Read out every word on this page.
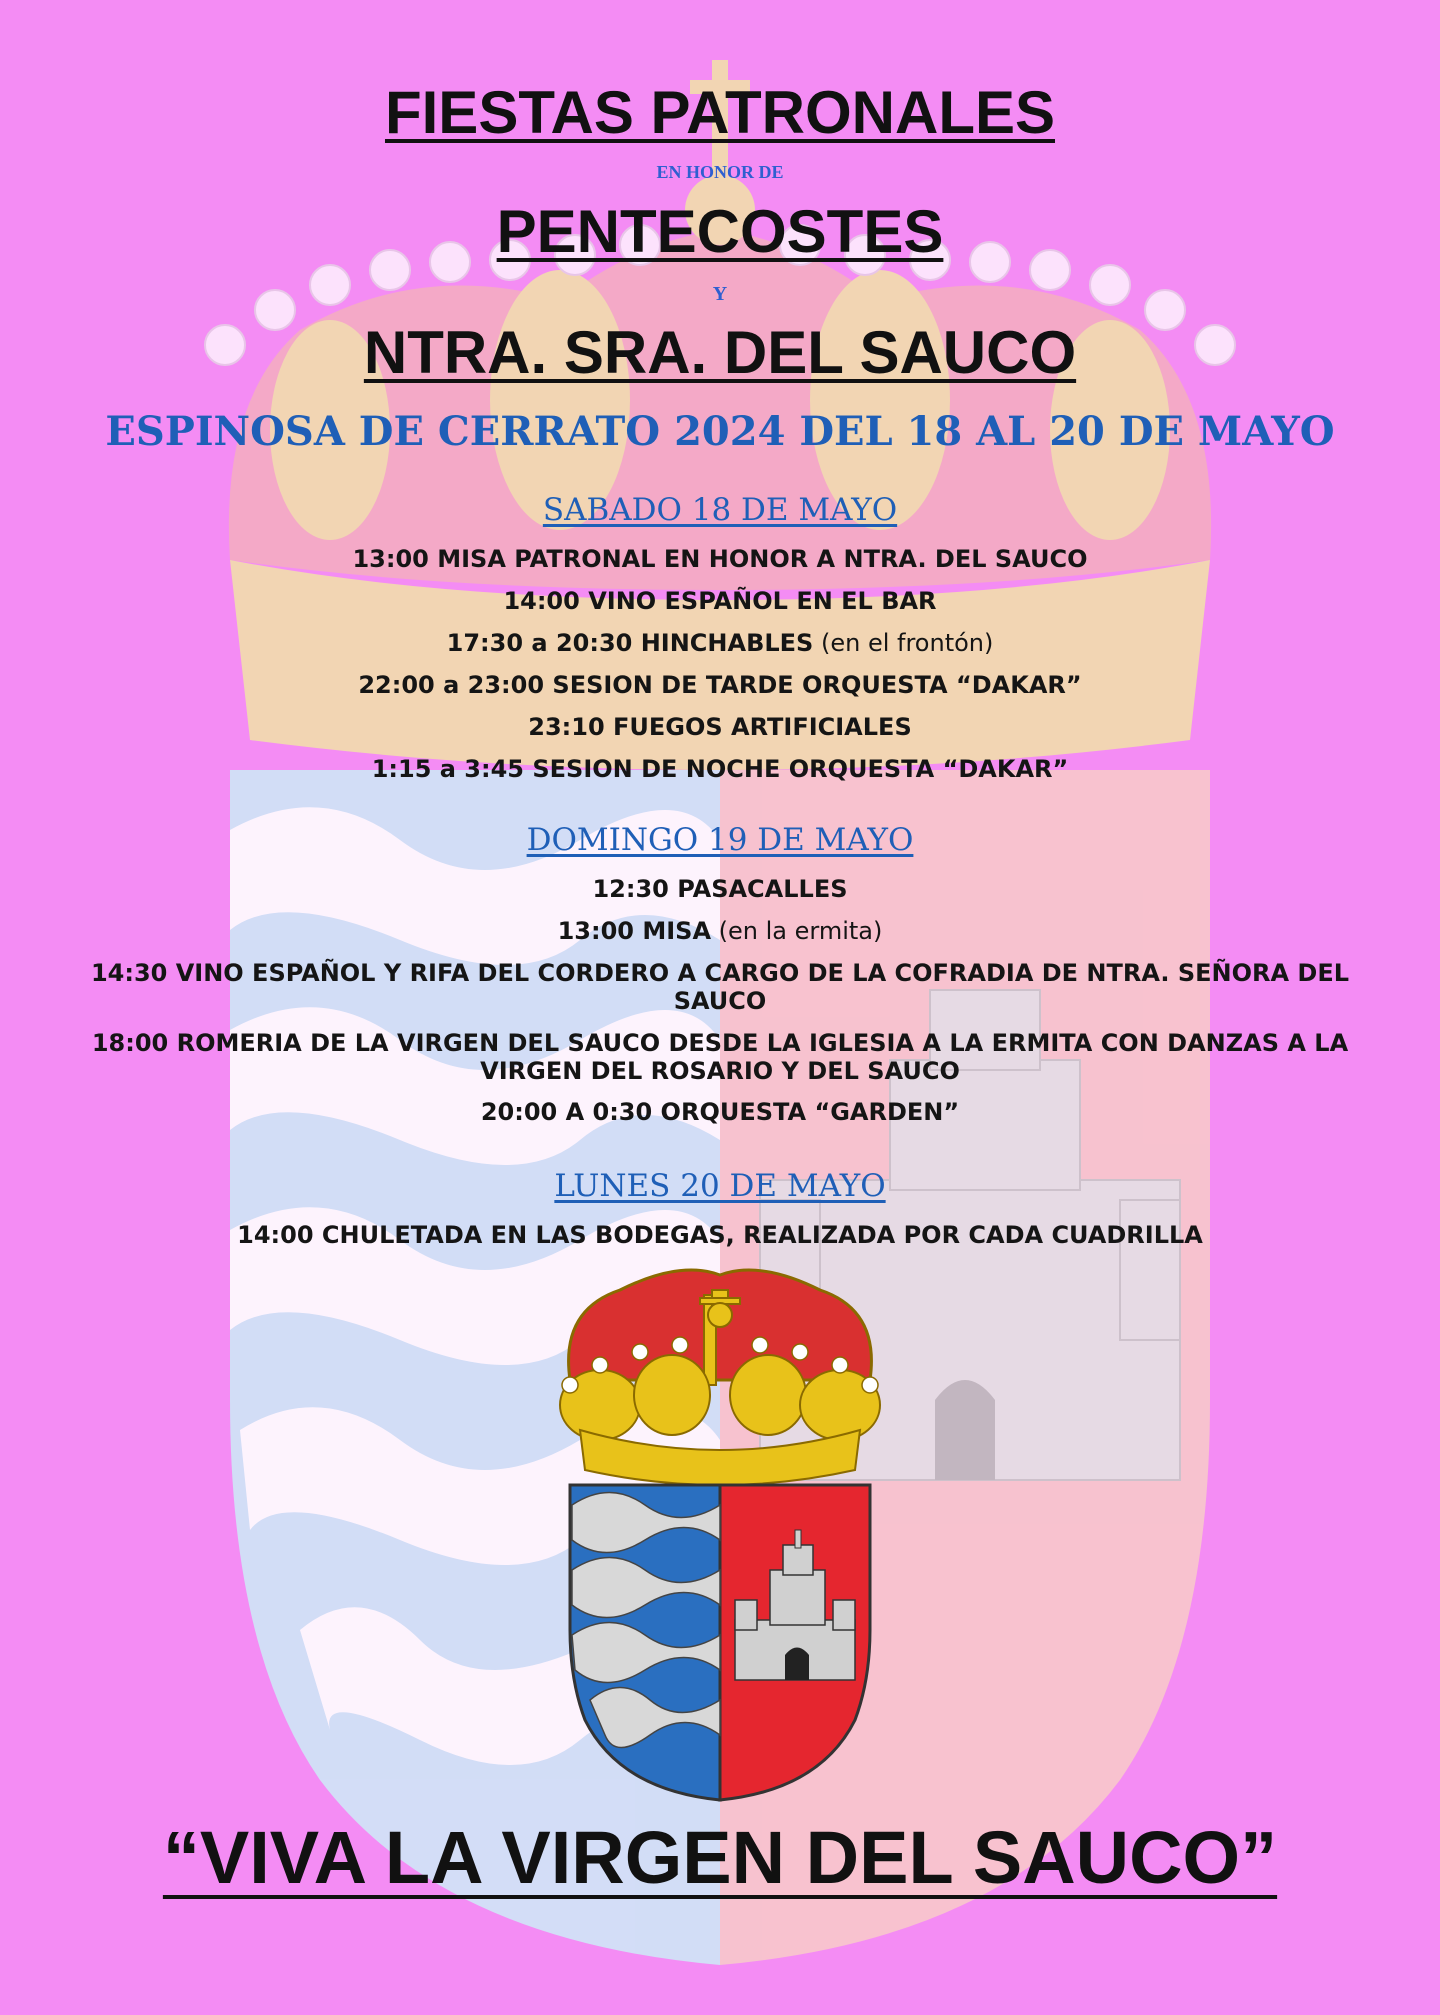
FIESTAS PATRONALES
EN HONOR DE
PENTECOSTES
Y
NTRA. SRA. DEL SAUCO
ESPINOSA DE CERRATO 2024 DEL 18 AL 20 DE MAYO
SABADO 18 DE MAYO
13:00 MISA PATRONAL EN HONOR A NTRA. DEL SAUCO
14:00 VINO ESPAÑOL EN EL BAR
17:30 a 20:30 HINCHABLES (en el frontón)
22:00 a 23:00 SESION DE TARDE ORQUESTA “DAKAR”
23:10 FUEGOS ARTIFICIALES
1:15 a 3:45 SESION DE NOCHE ORQUESTA “DAKAR”
DOMINGO 19 DE MAYO
12:30 PASACALLES
13:00 MISA (en la ermita)
14:30 VINO ESPAÑOL Y RIFA DEL CORDERO A CARGO DE LA COFRADIA DE NTRA. SEÑORA DEL SAUCO
18:00 ROMERIA DE LA VIRGEN DEL SAUCO DESDE LA IGLESIA A LA ERMITA CON DANZAS A LA VIRGEN DEL ROSARIO Y DEL SAUCO
20:00 A 0:30 ORQUESTA “GARDEN”
LUNES 20 DE MAYO
14:00 CHULETADA EN LAS BODEGAS, REALIZADA POR CADA CUADRILLA
“VIVA LA VIRGEN DEL SAUCO”
